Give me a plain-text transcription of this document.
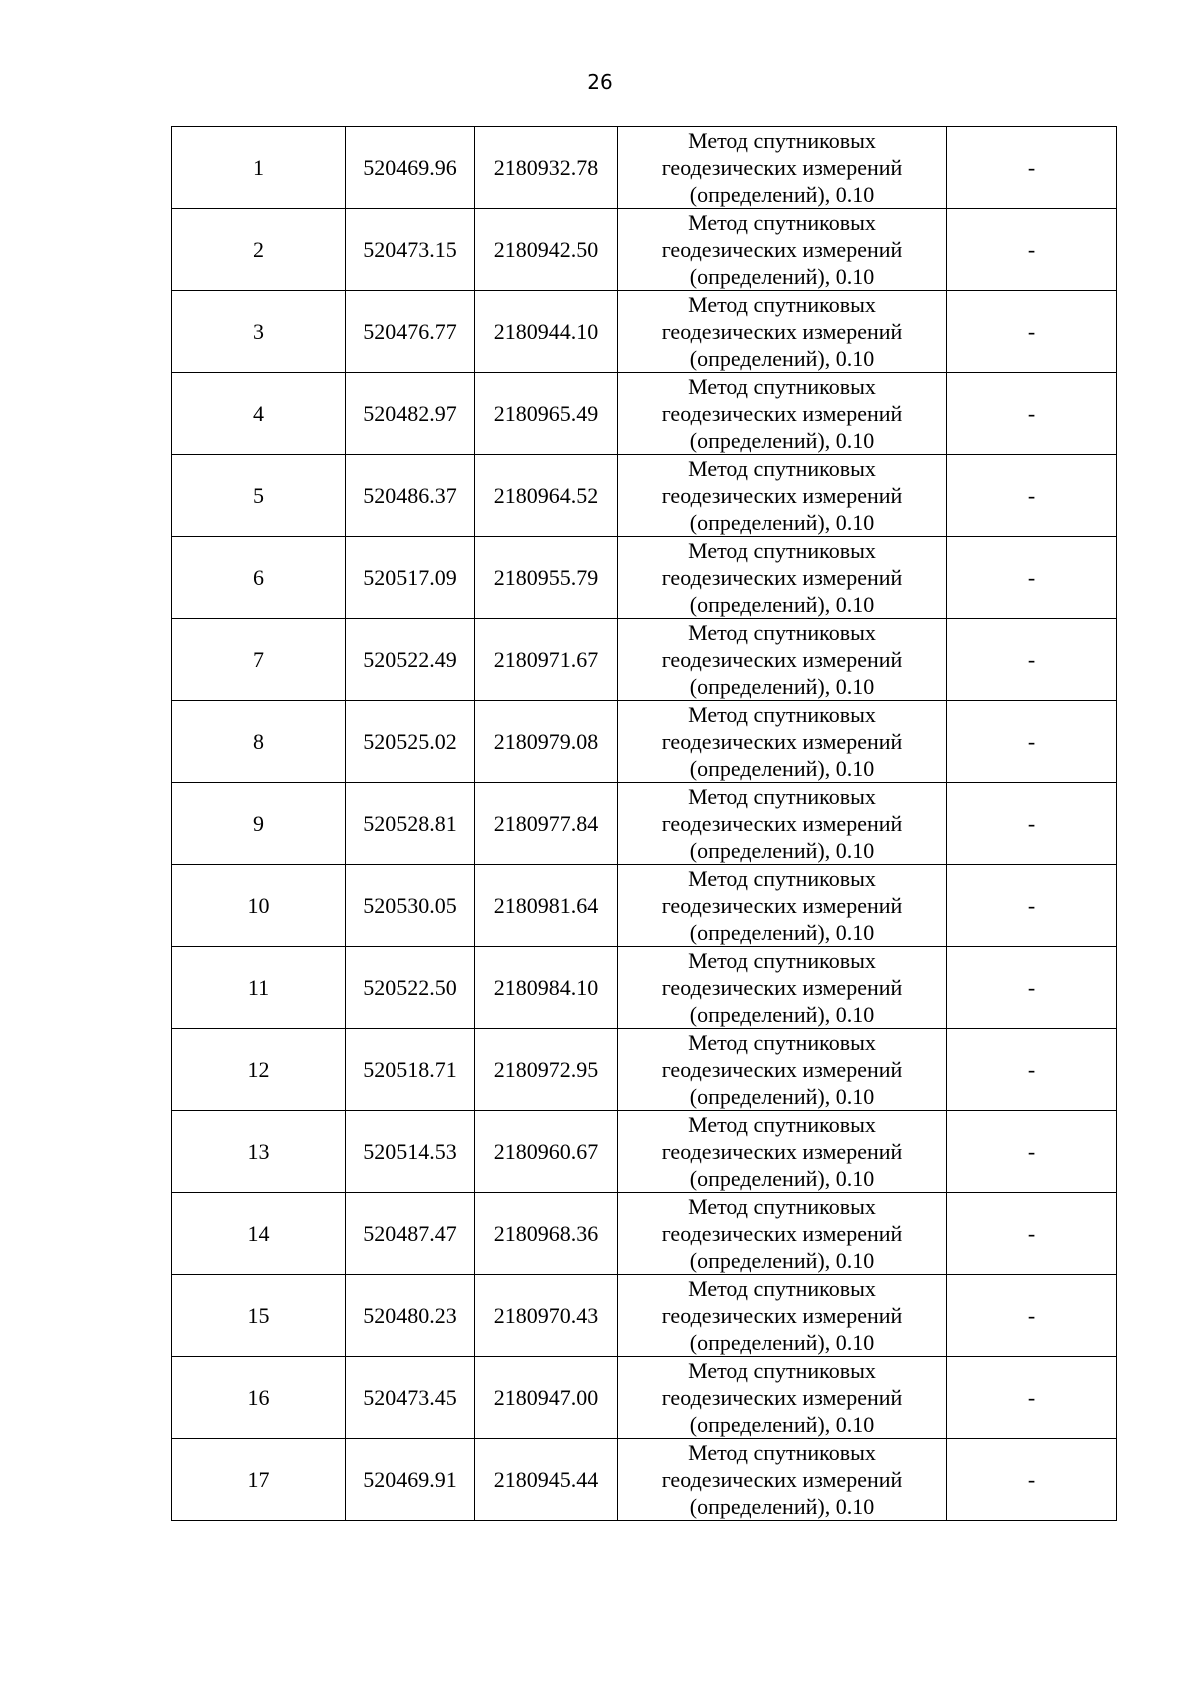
26
1	520469.96	2180932.78	Метод спутниковых геодезических измерений (определений), 0.10	-
2	520473.15	2180942.50	Метод спутниковых геодезических измерений (определений), 0.10	-
3	520476.77	2180944.10	Метод спутниковых геодезических измерений (определений), 0.10	-
4	520482.97	2180965.49	Метод спутниковых геодезических измерений (определений), 0.10	-
5	520486.37	2180964.52	Метод спутниковых геодезических измерений (определений), 0.10	-
6	520517.09	2180955.79	Метод спутниковых геодезических измерений (определений), 0.10	-
7	520522.49	2180971.67	Метод спутниковых геодезических измерений (определений), 0.10	-
8	520525.02	2180979.08	Метод спутниковых геодезических измерений (определений), 0.10	-
9	520528.81	2180977.84	Метод спутниковых геодезических измерений (определений), 0.10	-
10	520530.05	2180981.64	Метод спутниковых геодезических измерений (определений), 0.10	-
11	520522.50	2180984.10	Метод спутниковых геодезических измерений (определений), 0.10	-
12	520518.71	2180972.95	Метод спутниковых геодезических измерений (определений), 0.10	-
13	520514.53	2180960.67	Метод спутниковых геодезических измерений (определений), 0.10	-
14	520487.47	2180968.36	Метод спутниковых геодезических измерений (определений), 0.10	-
15	520480.23	2180970.43	Метод спутниковых геодезических измерений (определений), 0.10	-
16	520473.45	2180947.00	Метод спутниковых геодезических измерений (определений), 0.10	-
17	520469.91	2180945.44	Метод спутниковых геодезических измерений (определений), 0.10	-
